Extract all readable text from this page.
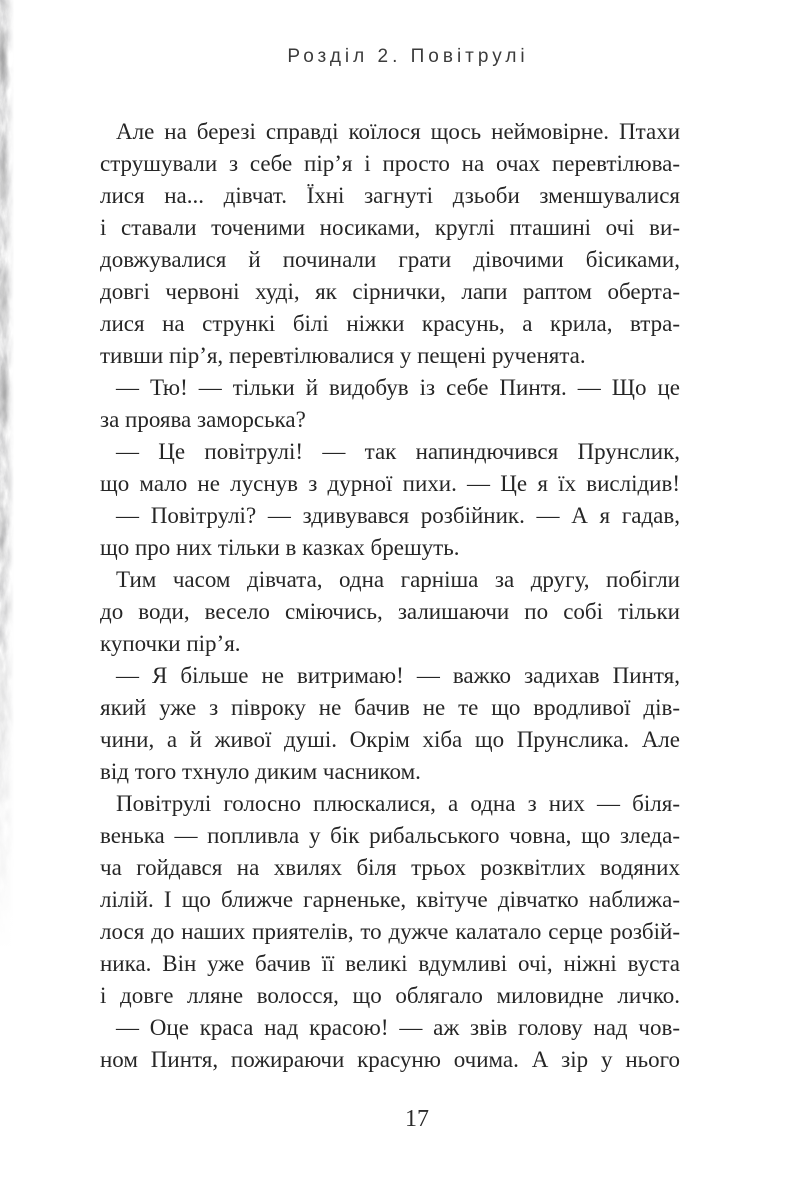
Розділ 2. Повітрулі
Але на березі справді коїлося щось неймовірне. Птахи
струшували з себе пір’я і просто на очах перевтілюва-
лися на... дівчат. Їхні загнуті дзьоби зменшувалися
і ставали точеними носиками, круглі пташині очі ви-
довжувалися й починали грати дівочими бісиками,
довгі червоні худі, як сірнички, лапи раптом оберта-
лися на стрункі білі ніжки красунь, а крила, втра-
тивши пір’я, перевтілювалися у пещені рученята.
— Тю! — тільки й видобув із себе Пинтя. — Що це
за проява заморська?
— Це повітрулі! — так напиндючився Прунслик,
що мало не луснув з дурної пихи. — Це я їх вислідив!
— Повітрулі? — здивувався розбійник. — А я гадав,
що про них тільки в казках брешуть.
Тим часом дівчата, одна гарніша за другу, побігли
до води, весело сміючись, залишаючи по собі тільки
купочки пір’я.
— Я більше не витримаю! — важко задихав Пинтя,
який уже з півроку не бачив не те що вродливої дів-
чини, а й живої душі. Окрім хіба що Прунслика. Але
від того тхнуло диким часником.
Повітрулі голосно плюскалися, а одна з них — біля-
венька — попливла у бік рибальського човна, що зледа-
ча гойдався на хвилях біля трьох розквітлих водяних
лілій. І що ближче гарненьке, квітуче дівчатко наближа-
лося до наших приятелів, то дужче калатало серце розбій-
ника. Він уже бачив її великі вдумливі очі, ніжні вуста
і довге лляне волосся, що облягало миловидне личко.
— Оце краса над красою! — аж звів голову над чов-
ном Пинтя, пожираючи красуню очима. А зір у нього
17
